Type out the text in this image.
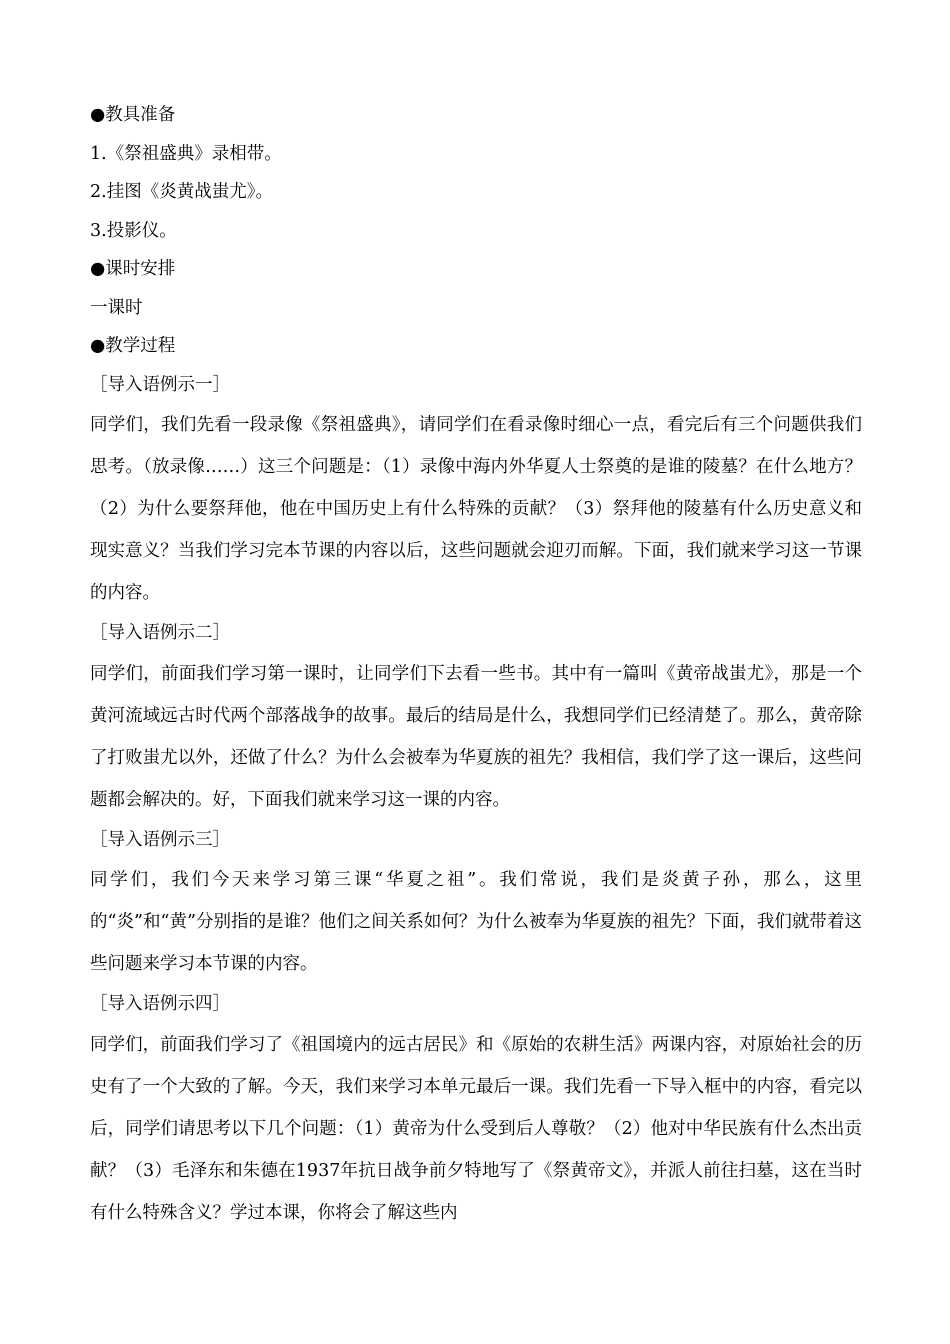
●教具准备
1.《祭祖盛典》录相带。
2.挂图《炎黄战蚩尤》。
3.投影仪。
●课时安排
一课时
●教学过程
［导入语例示一］
同学们，我们先看一段录像《祭祖盛典》，请同学们在看录像时细心一点，看完后有三个问题供我们思考。（放录像……）这三个问题是：（1）录像中海内外华夏人士祭奠的是谁的陵墓？在什么地方？（2）为什么要祭拜他，他在中国历史上有什么特殊的贡献？（3）祭拜他的陵墓有什么历史意义和现实意义？当我们学习完本节课的内容以后，这些问题就会迎刃而解。下面，我们就来学习这一节课的内容。
［导入语例示二］
同学们，前面我们学习第一课时，让同学们下去看一些书。其中有一篇叫《黄帝战蚩尤》，那是一个黄河流域远古时代两个部落战争的故事。最后的结局是什么，我想同学们已经清楚了。那么，黄帝除了打败蚩尤以外，还做了什么？为什么会被奉为华夏族的祖先？我相信，我们学了这一课后，这些问题都会解决的。好，下面我们就来学习这一课的内容。
［导入语例示三］
同学们，我们今天来学习第三课“华夏之祖”。我们常说，我们是炎黄子孙，那么，这里的“炎”和“黄”分别指的是谁？他们之间关系如何？为什么被奉为华夏族的祖先？下面，我们就带着这些问题来学习本节课的内容。
［导入语例示四］
同学们，前面我们学习了《祖国境内的远古居民》和《原始的农耕生活》两课内容，对原始社会的历史有了一个大致的了解。今天，我们来学习本单元最后一课。我们先看一下导入框中的内容，看完以后，同学们请思考以下几个问题：（1）黄帝为什么受到后人尊敬？（2）他对中华民族有什么杰出贡献？（3）毛泽东和朱德在1937年抗日战争前夕特地写了《祭黄帝文》，并派人前往扫墓，这在当时有什么特殊含义？学过本课，你将会了解这些内
